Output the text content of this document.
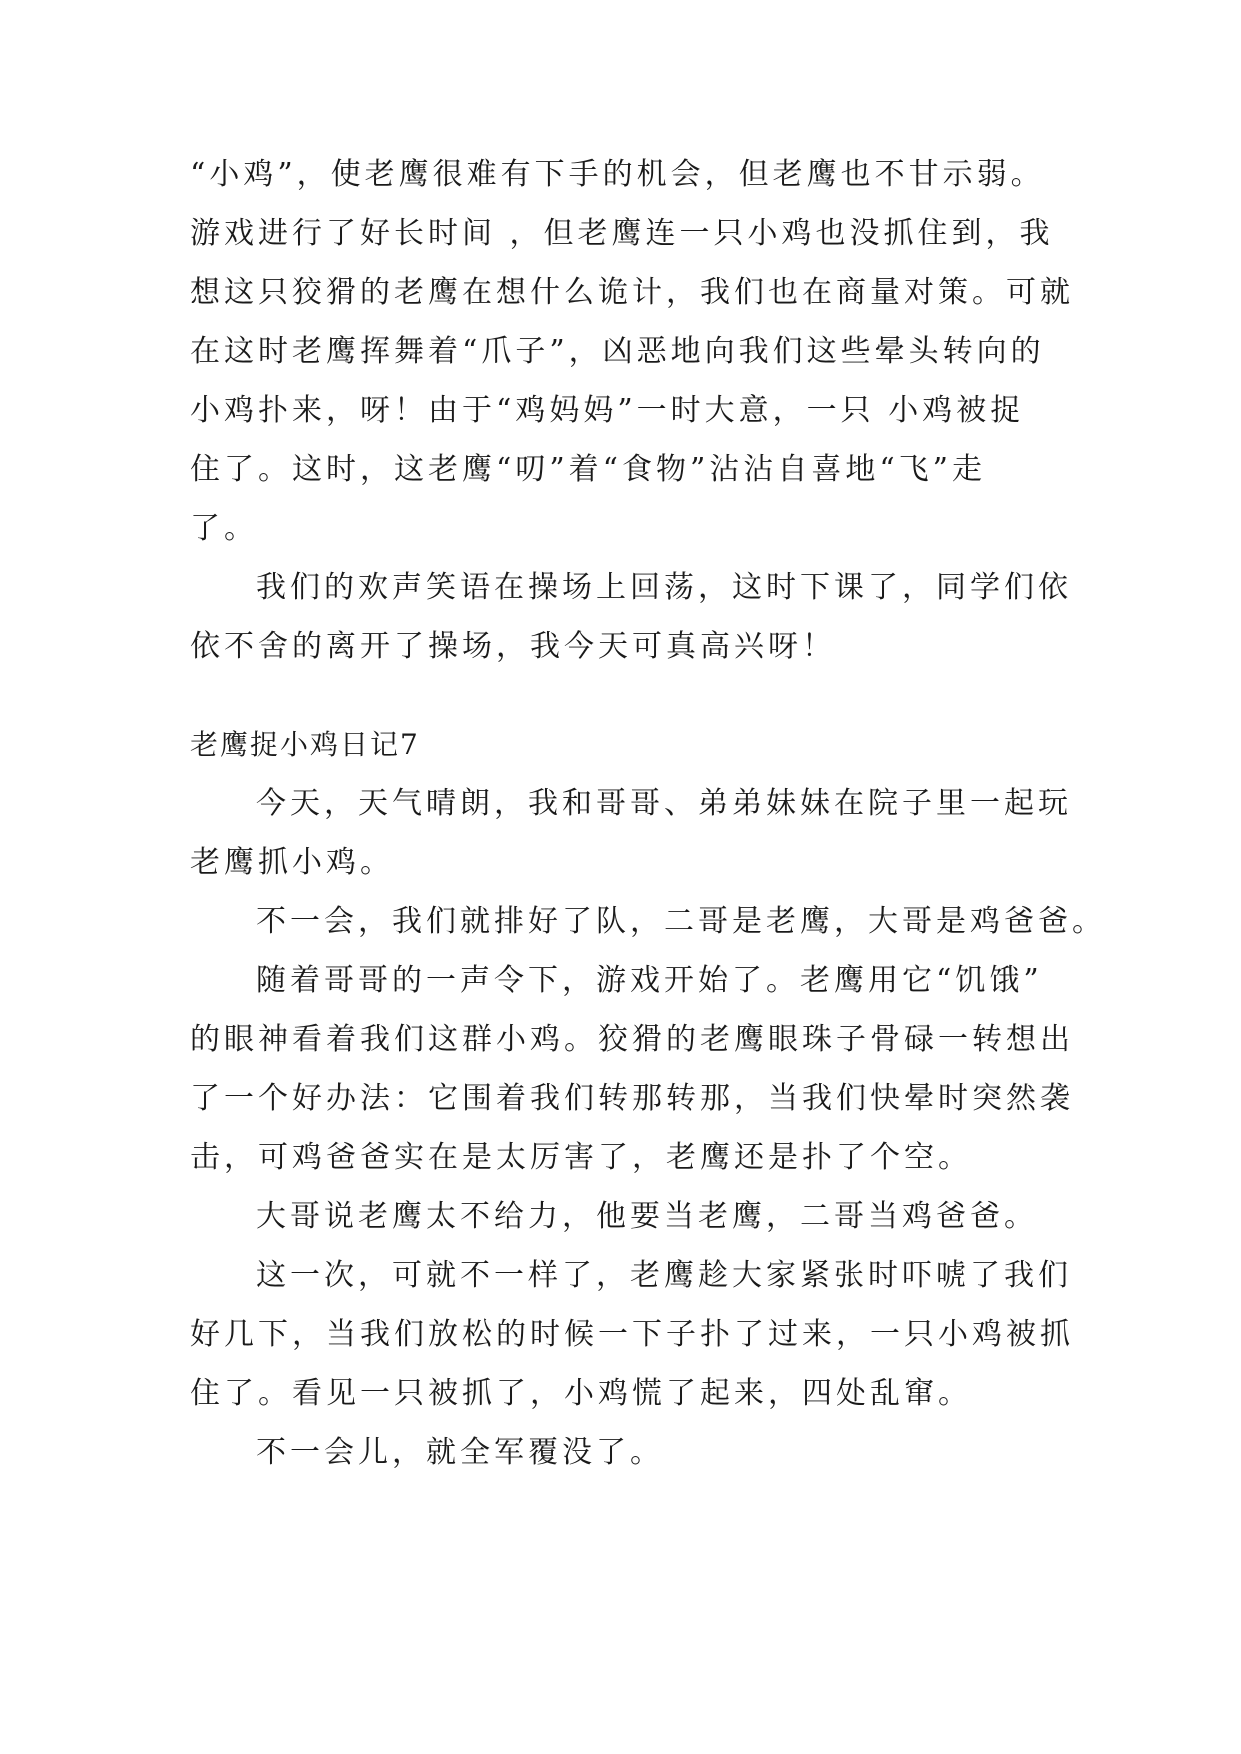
“小鸡”，使老鹰很难有下手的机会，但老鹰也不甘示弱。
游戏进行了好长时间 ，但老鹰连一只小鸡也没抓住到，我
想这只狡猾的老鹰在想什么诡计，我们也在商量对策。可就
在这时老鹰挥舞着“爪子”，凶恶地向我们这些晕头转向的
小鸡扑来，呀！由于“鸡妈妈”一时大意，一只 小鸡被捉
住了。这时，这老鹰“叨”着“食物”沾沾自喜地“飞”走
了。
我们的欢声笑语在操场上回荡，这时下课了，同学们依
依不舍的离开了操场，我今天可真高兴呀！
老鹰捉小鸡日记7
今天，天气晴朗，我和哥哥、弟弟妹妹在院子里一起玩
老鹰抓小鸡。
不一会，我们就排好了队，二哥是老鹰，大哥是鸡爸爸。
随着哥哥的一声令下，游戏开始了。老鹰用它“饥饿”
的眼神看着我们这群小鸡。狡猾的老鹰眼珠子骨碌一转想出
了一个好办法：它围着我们转那转那，当我们快晕时突然袭
击，可鸡爸爸实在是太厉害了，老鹰还是扑了个空。
大哥说老鹰太不给力，他要当老鹰，二哥当鸡爸爸。
这一次，可就不一样了，老鹰趁大家紧张时吓唬了我们
好几下，当我们放松的时候一下子扑了过来，一只小鸡被抓
住了。看见一只被抓了，小鸡慌了起来，四处乱窜。
不一会儿，就全军覆没了。
